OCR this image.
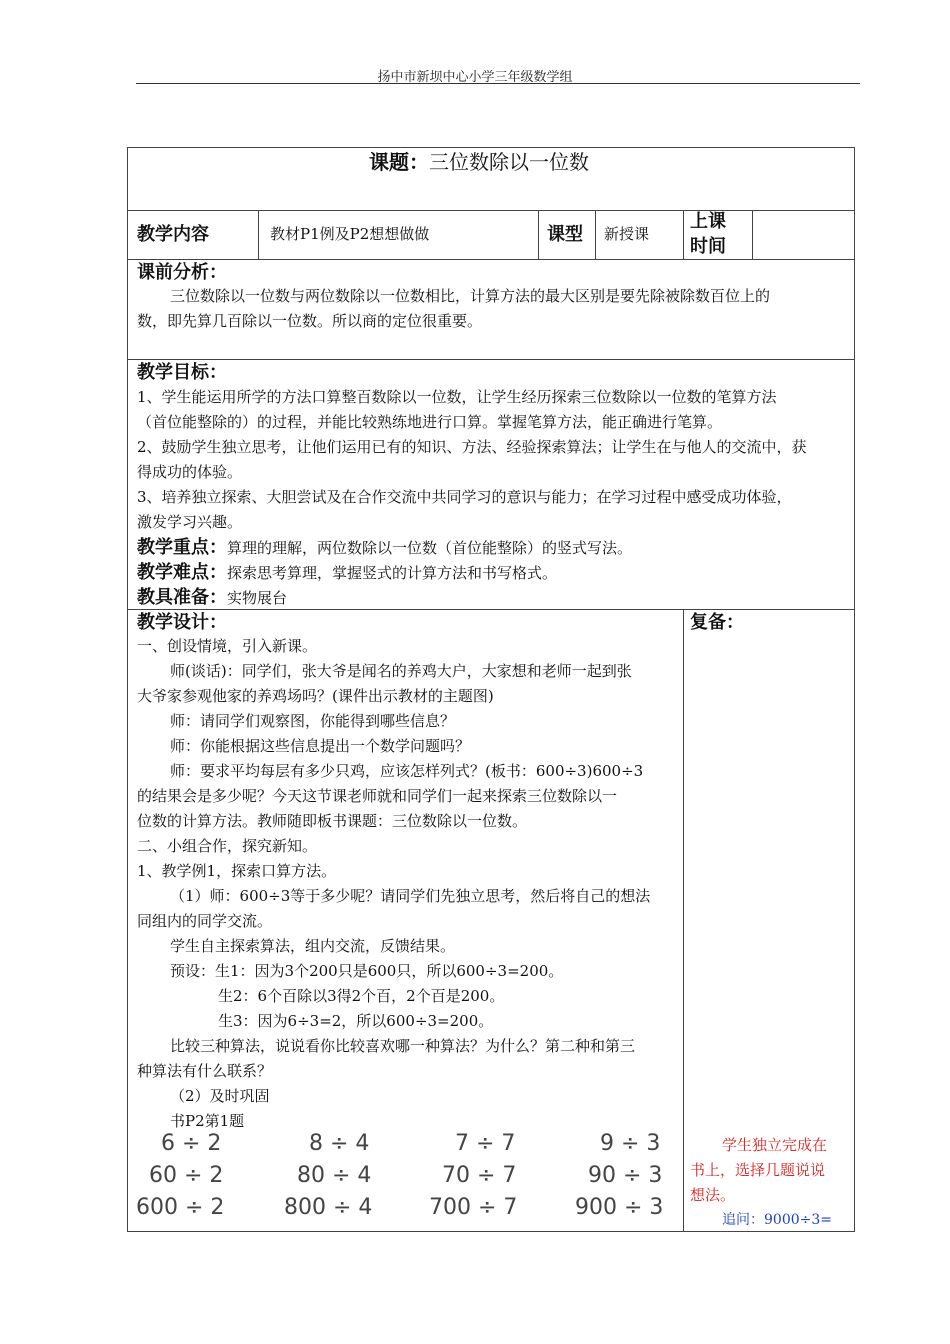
扬中市新坝中心小学三年级数学组
课题：三位数除以一位数
教学内容	教材P1例及P2想想做做	课型 新授课
上课
时间
课前分析：
三位数除以一位数与两位数除以一位数相比，计算方法的最大区别是要先除被除数百位上的
数，即先算几百除以一位数。所以商的定位很重要。
教学目标：
1、学生能运用所学的方法口算整百数除以一位数，让学生经历探索三位数除以一位数的笔算方法
（首位能整除的）的过程，并能比较熟练地进行口算。掌握笔算方法，能正确进行笔算。
2、鼓励学生独立思考，让他们运用已有的知识、方法、经验探索算法；让学生在与他人的交流中，获
得成功的体验。
3、培养独立探索、大胆尝试及在合作交流中共同学习的意识与能力；在学习过程中感受成功体验，
激发学习兴趣。
教学重点：算理的理解，两位数除以一位数（首位能整除）的竖式写法。
教学难点：探索思考算理，掌握竖式的计算方法和书写格式。
教具准备：实物展台
教学设计：
一、创设情境，引入新课。
师(谈话)：同学们，张大爷是闻名的养鸡大户，大家想和老师一起到张
大爷家参观他家的养鸡场吗？(课件出示教材的主题图)
师：请同学们观察图，你能得到哪些信息？
师：你能根据这些信息提出一个数学问题吗？
师：要求平均每层有多少只鸡，应该怎样列式？(板书：600÷3)600÷3
的结果会是多少呢？今天这节课老师就和同学们一起来探索三位数除以一
位数的计算方法。教师随即板书课题：三位数除以一位数。
二、小组合作，探究新知。
1、教学例1，探索口算方法。
（1）师：600÷3等于多少呢？请同学们先独立思考，然后将自己的想法
同组内的同学交流。
学生自主探索算法，组内交流，反馈结果。
预设：生1：因为3个200只是600只，所以600÷3=200。
生2：6个百除以3得2个百，2个百是200。
生3：因为6÷3=2，所以600÷3=200。
比较三种算法，说说看你比较喜欢哪一种算法？为什么？第二种和第三
种算法有什么联系？
（2）及时巩固
书P2第1题
6 ÷ 2	8 ÷ 4	7 ÷ 7	9 ÷ 3
60 ÷ 2	80 ÷ 4	70 ÷ 7	90 ÷ 3
600 ÷ 2	800 ÷ 4	700 ÷ 7	900 ÷ 3
复备：
学生独立完成在
书上，选择几题说说
想法。
追问：9000÷3=
